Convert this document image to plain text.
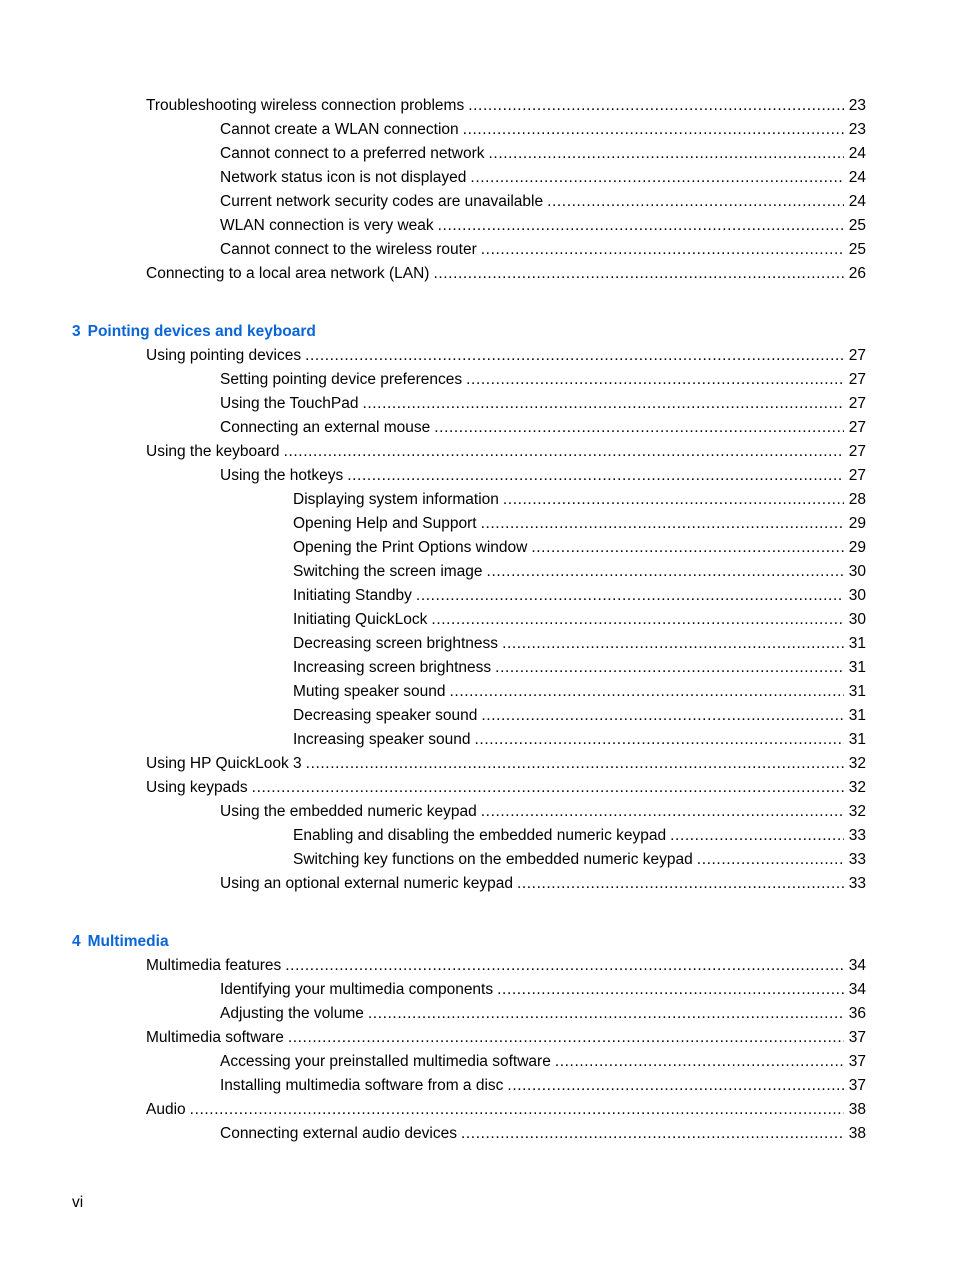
Troubleshooting wireless connection problems .....	23
Cannot create a WLAN connection .....	23
Cannot connect to a preferred network .....	24
Network status icon is not displayed .....	24
Current network security codes are unavailable .....	24
WLAN connection is very weak .....	25
Cannot connect to the wireless router .....	25
Connecting to a local area network (LAN) .....	26
3 Pointing devices and keyboard
Using pointing devices .....	27
Setting pointing device preferences .....	27
Using the TouchPad .....	27
Connecting an external mouse .....	27
Using the keyboard .....	27
Using the hotkeys .....	27
Displaying system information .....	28
Opening Help and Support .....	29
Opening the Print Options window .....	29
Switching the screen image .....	30
Initiating Standby .....	30
Initiating QuickLock .....	30
Decreasing screen brightness .....	31
Increasing screen brightness .....	31
Muting speaker sound .....	31
Decreasing speaker sound .....	31
Increasing speaker sound .....	31
Using HP QuickLook 3 .....	32
Using keypads .....	32
Using the embedded numeric keypad .....	32
Enabling and disabling the embedded numeric keypad .....	33
Switching key functions on the embedded numeric keypad .....	33
Using an optional external numeric keypad .....	33
4 Multimedia
Multimedia features .....	34
Identifying your multimedia components .....	34
Adjusting the volume .....	36
Multimedia software .....	37
Accessing your preinstalled multimedia software .....	37
Installing multimedia software from a disc .....	37
Audio .....	38
Connecting external audio devices .....	38
vi
